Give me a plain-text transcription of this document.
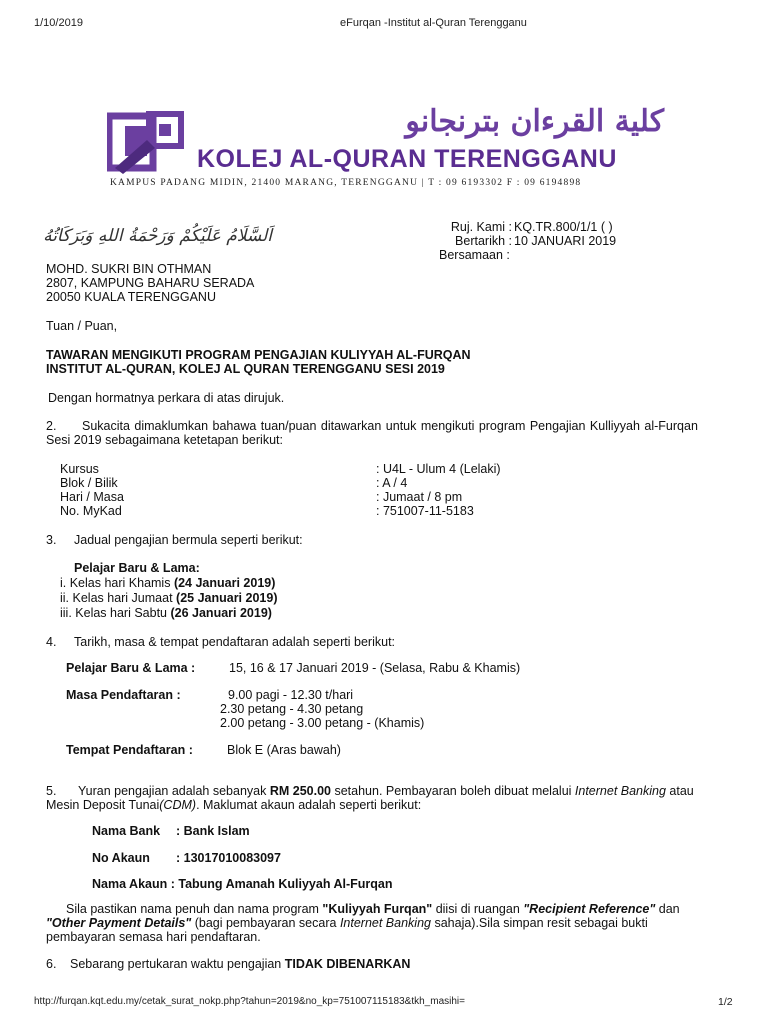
1/10/2019	eFurqan -Institut al-Quran Terengganu
كلية القرءان بترنجانو
KOLEJ AL-QURAN TERENGGANU
KAMPUS PADANG MIDIN, 21400 MARANG, TERENGGANU | T : 09 6193302 F : 09 6194898
اَلسَّلَامُ عَلَيْكُمْ وَرَحْمَةُ اللهِ وَبَرَكَاتُهُ	Ruj. Kami : KQ.TR.800/1/1 ( )
Bertarikh : 10 JANUARI 2019
Bersamaan :
MOHD. SUKRI BIN OTHMAN
2807, KAMPUNG BAHARU SERADA
20050 KUALA TERENGGANU
Tuan / Puan,
TAWARAN MENGIKUTI PROGRAM PENGAJIAN KULIYYAH AL-FURQAN
INSTITUT AL-QURAN, KOLEJ AL QURAN TERENGGANU SESI 2019
Dengan hormatnya perkara di atas dirujuk.
2. Sukacita dimaklumkan bahawa tuan/puan ditawarkan untuk mengikuti program Pengajian Kulliyyah al-Furqan
Sesi 2019 sebagaimana ketetapan berikut:
Kursus	: U4L - Ulum 4 (Lelaki)
Blok / Bilik	: A / 4
Hari / Masa	: Jumaat / 8 pm
No. MyKad	: 751007-11-5183
3. Jadual pengajian bermula seperti berikut:
Pelajar Baru & Lama:
i. Kelas hari Khamis (24 Januari 2019)
ii. Kelas hari Jumaat (25 Januari 2019)
iii. Kelas hari Sabtu (26 Januari 2019)
4. Tarikh, masa & tempat pendaftaran adalah seperti berikut:
Pelajar Baru & Lama :	15, 16 & 17 Januari 2019 - (Selasa, Rabu & Khamis)
Masa Pendaftaran :	9.00 pagi - 12.30 t/hari
2.30 petang - 4.30 petang
2.00 petang - 3.00 petang - (Khamis)
Tempat Pendaftaran :	Blok E (Aras bawah)
5. Yuran pengajian adalah sebanyak RM 250.00 setahun. Pembayaran boleh dibuat melalui Internet Banking atau
Mesin Deposit Tunai(CDM). Maklumat akaun adalah seperti berikut:
Nama Bank : Bank Islam
No Akaun : 13017010083097
Nama Akaun : Tabung Amanah Kuliyyah Al-Furqan
Sila pastikan nama penuh dan nama program "Kuliyyah Furqan" diisi di ruangan "Recipient Reference" dan
"Other Payment Details" (bagi pembayaran secara Internet Banking sahaja).Sila simpan resit sebagai bukti
pembayaran semasa hari pendaftaran.
6. Sebarang pertukaran waktu pengajian TIDAK DIBENARKAN
http://furqan.kqt.edu.my/cetak_surat_nokp.php?tahun=2019&no_kp=751007115183&tkh_masihi=	1/2
